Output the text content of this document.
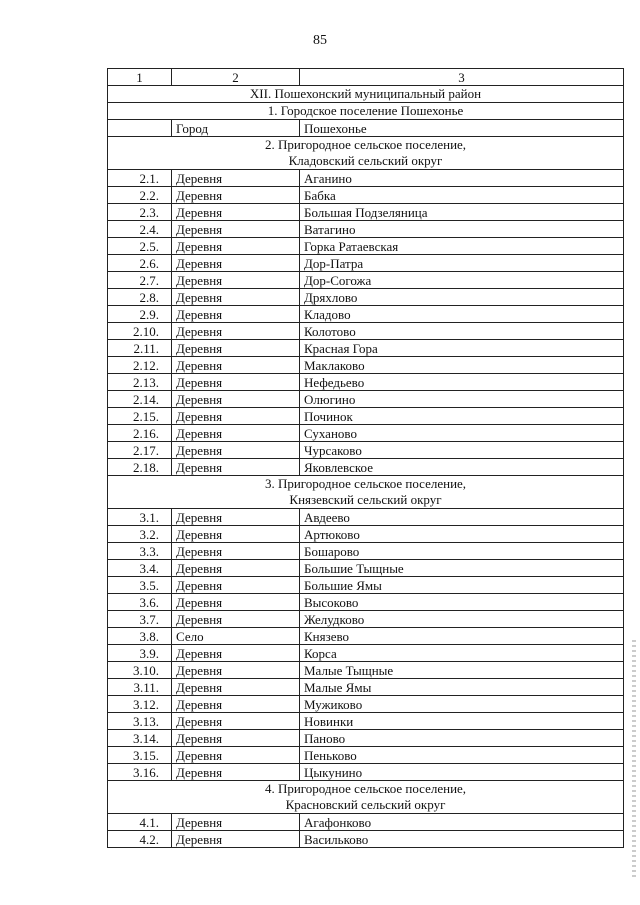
85
1	2	3
XII. Пошехонский муниципальный район		

1. Городское поселение Пошехонье		

	Город	Пошехонье

2. Пригородное сельское поселение,
Кладовский сельский округ		

2.1.	Деревня	Аганино
2.2.	Деревня	Бабка
2.3.	Деревня	Большая Подзеляница
2.4.	Деревня	Ватагино
2.5.	Деревня	Горка Ратаевская
2.6.	Деревня	Дор-Патра
2.7.	Деревня	Дор-Согожа
2.8.	Деревня	Дряхлово
2.9.	Деревня	Кладово
2.10.	Деревня	Колотово
2.11.	Деревня	Красная Гора
2.12.	Деревня	Маклаково
2.13.	Деревня	Нефедьево
2.14.	Деревня	Олюгино
2.15.	Деревня	Починок
2.16.	Деревня	Суханово
2.17.	Деревня	Чурсаково
2.18.	Деревня	Яковлевское

3. Пригородное сельское поселение,
Князевский сельский округ		

3.1.	Деревня	Авдеево
3.2.	Деревня	Артюково
3.3.	Деревня	Бошарово
3.4.	Деревня	Большие Тыщные
3.5.	Деревня	Большие Ямы
3.6.	Деревня	Высоково
3.7.	Деревня	Желудково
3.8.	Село	Князево
3.9.	Деревня	Корса
3.10.	Деревня	Малые Тыщные
3.11.	Деревня	Малые Ямы
3.12.	Деревня	Мужиково
3.13.	Деревня	Новинки
3.14.	Деревня	Паново
3.15.	Деревня	Пеньково
3.16.	Деревня	Цыкунино

4. Пригородное сельское поселение,
Красновский сельский округ		

4.1.	Деревня	Агафонково
4.2.	Деревня	Васильково
